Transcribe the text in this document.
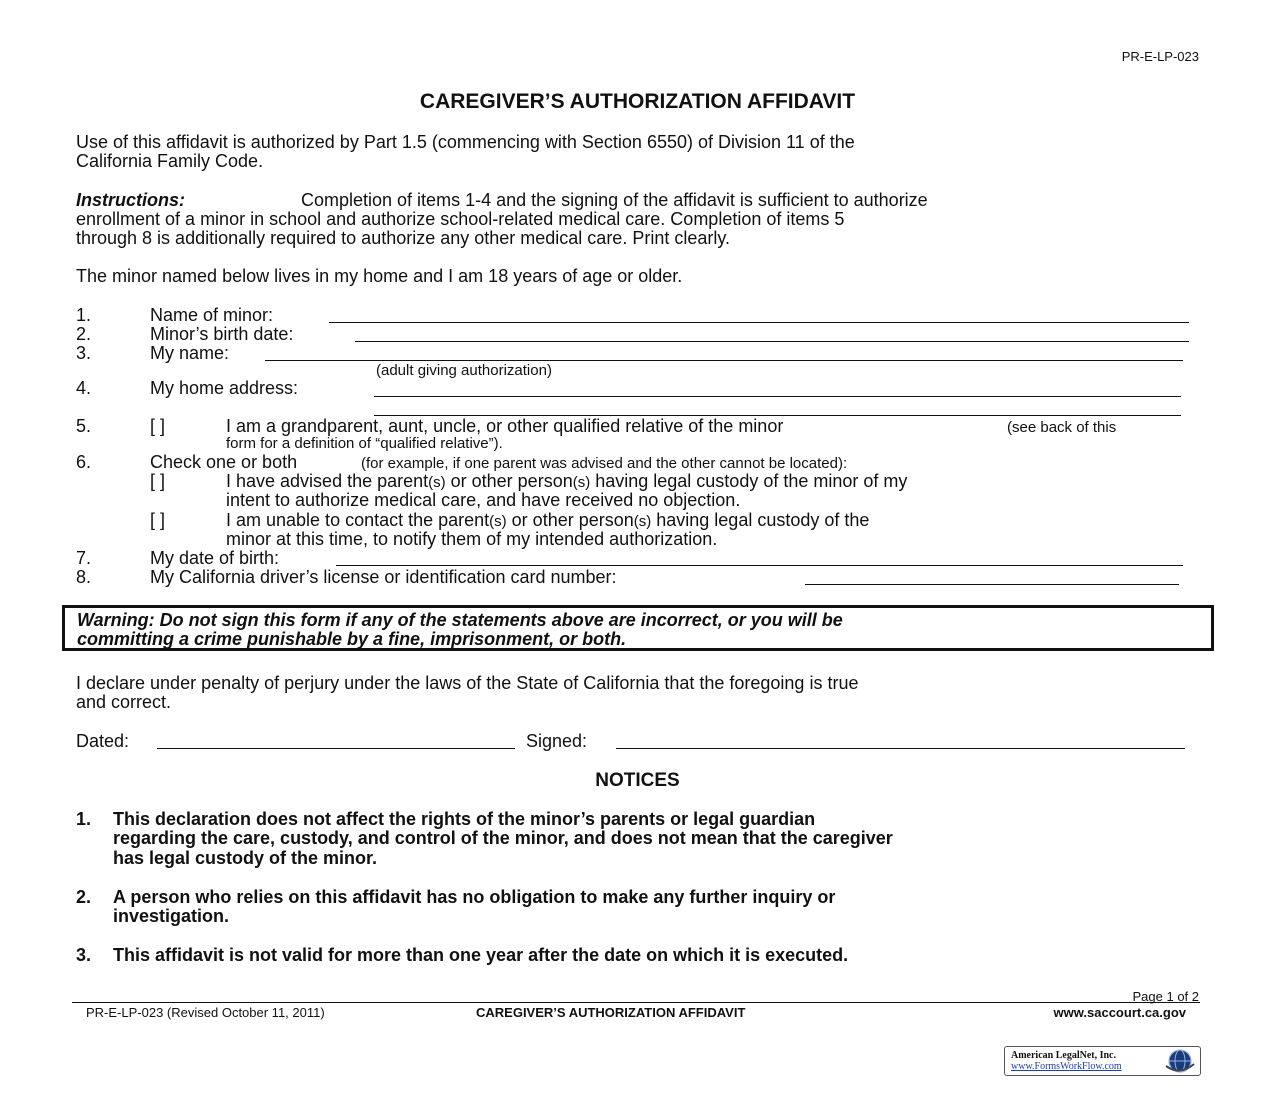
PR-E-LP-023
CAREGIVER’S AUTHORIZATION AFFIDAVIT
Use of this affidavit is authorized by Part 1.5 (commencing with Section 6550) of Division 11 of the
California Family Code.
Instructions:	Completion of items 1-4 and the signing of the affidavit is sufficient to authorize
enrollment of a minor in school and authorize school-related medical care. Completion of items 5
through 8 is additionally required to authorize any other medical care. Print clearly.
The minor named below lives in my home and I am 18 years of age or older.
1.	Name of minor:
2.	Minor’s birth date:
3.	My name:
(adult giving authorization)
4.	My home address:
5.	[ ]	I am a grandparent, aunt, uncle, or other qualified relative of the minor	(see back of this
form for a definition of “qualified relative”).
6.	Check one or both	(for example, if one parent was advised and the other cannot be located):
[ ]	I have advised the parent(s) or other person(s) having legal custody of the minor of my
intent to authorize medical care, and have received no objection.
[ ]	I am unable to contact the parent(s) or other person(s) having legal custody of the
minor at this time, to notify them of my intended authorization.
7.	My date of birth:
8.	My California driver’s license or identification card number:
Warning: Do not sign this form if any of the statements above are incorrect, or you will be
committing a crime punishable by a fine, imprisonment, or both.
I declare under penalty of perjury under the laws of the State of California that the foregoing is true
and correct.
Dated:	Signed:
NOTICES
1. This declaration does not affect the rights of the minor’s parents or legal guardian
regarding the care, custody, and control of the minor, and does not mean that the caregiver
has legal custody of the minor.
2. A person who relies on this affidavit has no obligation to make any further inquiry or
investigation.
3. This affidavit is not valid for more than one year after the date on which it is executed.
Page 1 of 2
PR-E-LP-023 (Revised October 11, 2011)	CAREGIVER’S AUTHORIZATION AFFIDAVIT	www.saccourt.ca.gov
American LegalNet, Inc.
www.FormsWorkFlow.com
